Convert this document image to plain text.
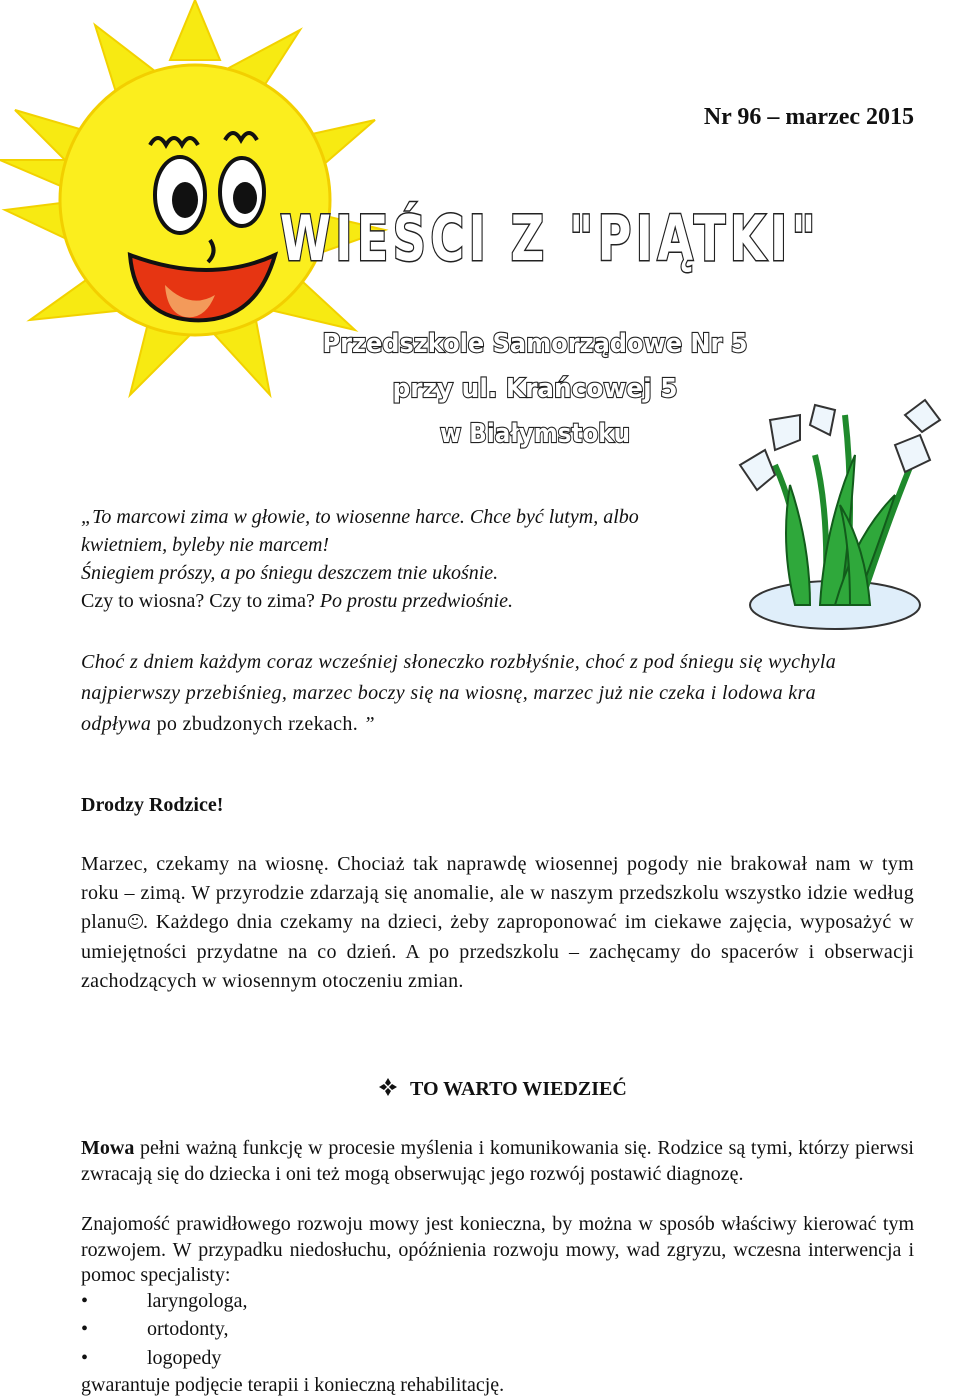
Nr 96 – marzec 2015
WIEŚCI Z "PIĄTKI"
Przedszkole Samorządowe Nr 5
przy ul. Krańcowej 5
w Białymstoku
„To marcowi zima w głowie, to wiosenne harce. Chce być lutym, albo
kwietniem, byleby nie marcem!
Śniegiem prószy, a po śniegu deszczem tnie ukośnie.
Czy to wiosna? Czy to zima? Po prostu przedwiośnie.
Choć z dniem każdym coraz wcześniej słoneczko rozbłyśnie, choć z pod śniegu się wychyla
najpierwszy przebiśnieg, marzec boczy się na wiosnę, marzec już nie czeka i lodowa kra
odpływa po zbudzonych rzekach. ”
Drodzy Rodzice!
Marzec, czekamy na wiosnę. Chociaż tak naprawdę wiosennej pogody nie brakował nam w tym roku – zimą. W przyrodzie zdarzają się anomalie, ale w naszym przedszkolu wszystko idzie według planu . Każdego dnia czekamy na dzieci, żeby zaproponować im ciekawe zajęcia, wyposażyć w umiejętności przydatne na co dzień. A po przedszkolu – zachęcamy do spacerów i obserwacji zachodzących w wiosennym otoczeniu zmian.
TO WARTO WIEDZIEĆ
Mowa pełni ważną funkcję w procesie myślenia i komunikowania się. Rodzice są tymi, którzy pierwsi zwracają się do dziecka i oni też mogą obserwując jego rozwój postawić diagnozę.
Znajomość prawidłowego rozwoju mowy jest konieczna, by można w sposób właściwy kierować tym rozwojem. W przypadku niedosłuchu, opóźnienia rozwoju mowy, wad zgryzu, wczesna interwencja i pomoc specjalisty:
•	laryngologa,
•	ortodonty,
•	logopedy
gwarantuje podjęcie terapii i konieczną rehabilitację.
